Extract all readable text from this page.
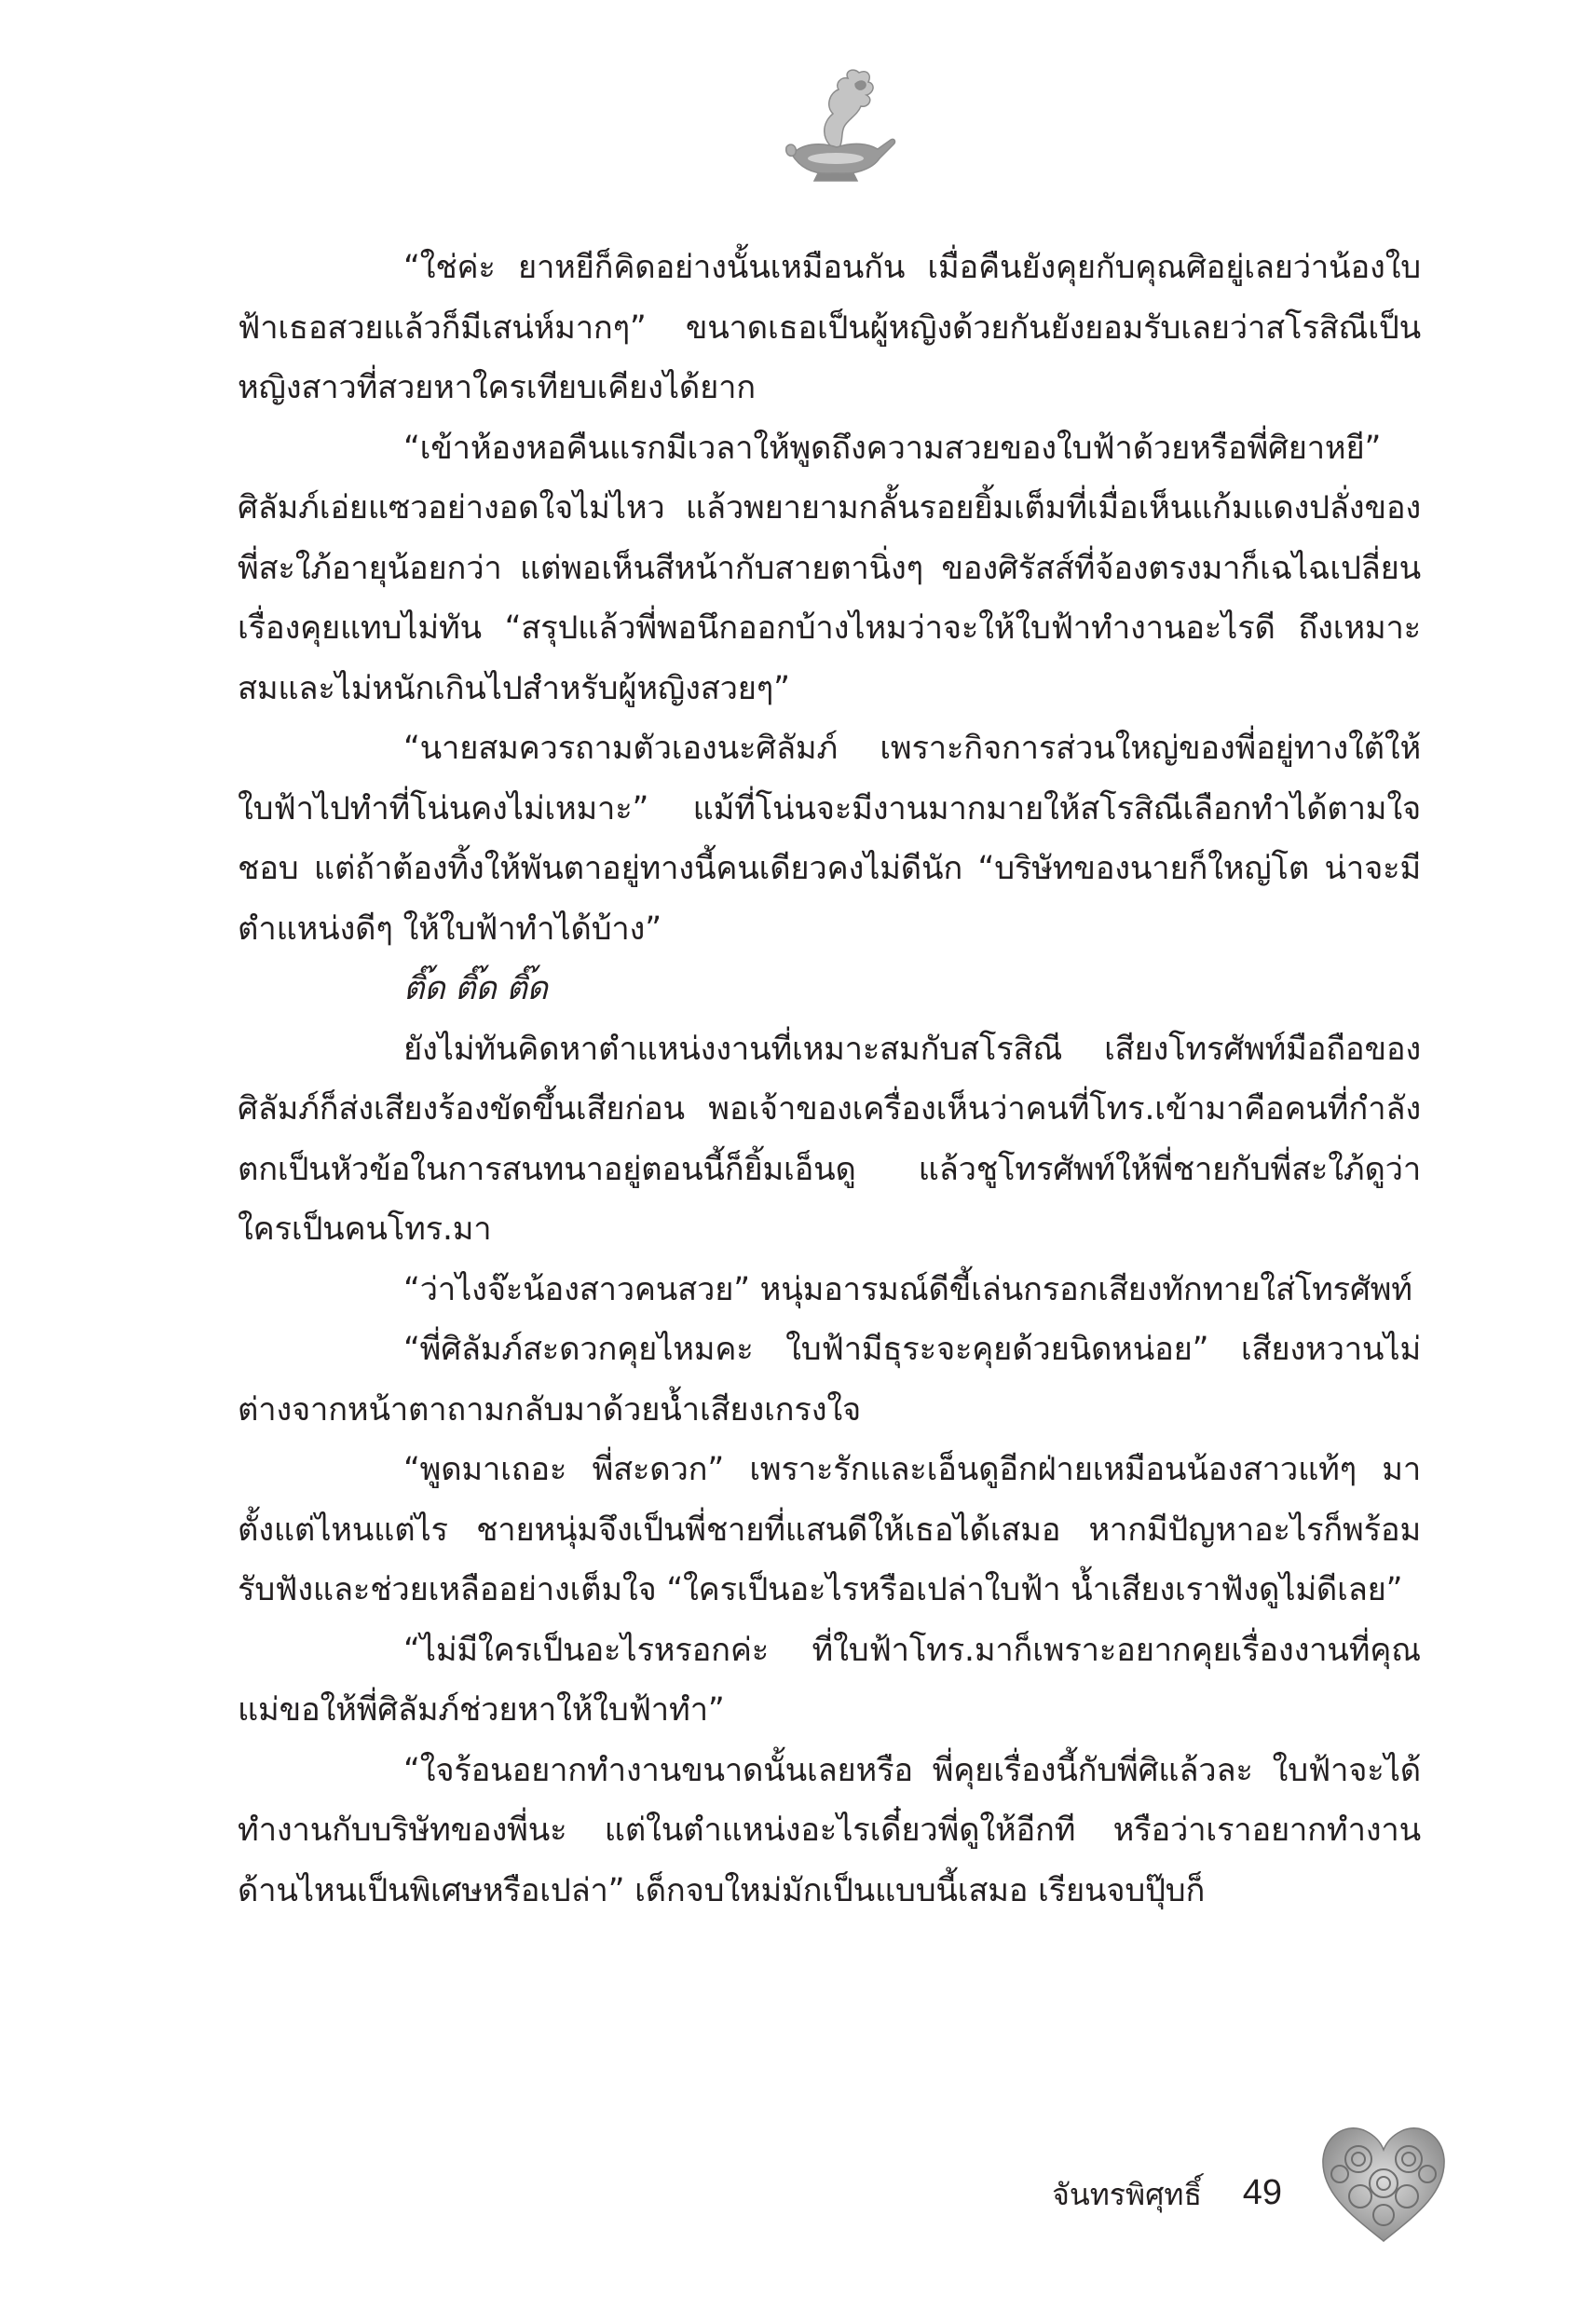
“ใช่ค่ะ ยาหยีก็คิดอย่างนั้นเหมือนกัน เมื่อคืนยังคุยกับคุณศิอยู่เลยว่าน้องใบฟ้าเธอสวยแล้วก็มีเสน่ห์มากๆ” ขนาดเธอเป็นผู้หญิงด้วยกันยังยอมรับเลยว่าสโรสิณีเป็นหญิงสาวที่สวยหาใครเทียบเคียงได้ยาก

“เข้าห้องหอคืนแรกมีเวลาให้พูดถึงความสวยของใบฟ้าด้วยหรือพี่ศิยาหยี” ศิลัมภ์เอ่ยแซวอย่างอดใจไม่ไหว แล้วพยายามกลั้นรอยยิ้มเต็มที่เมื่อเห็นแก้มแดงปลั่งของพี่สะใภ้อายุน้อยกว่า แต่พอเห็นสีหน้ากับสายตานิ่งๆ ของศิรัสส์ที่จ้องตรงมาก็เฉไฉเปลี่ยนเรื่องคุยแทบไม่ทัน “สรุปแล้วพี่พอนึกออกบ้างไหมว่าจะให้ใบฟ้าทำงานอะไรดี ถึงเหมาะสมและไม่หนักเกินไปสำหรับผู้หญิงสวยๆ”

“นายสมควรถามตัวเองนะศิลัมภ์ เพราะกิจการส่วนใหญ่ของพี่อยู่ทางใต้ให้ใบฟ้าไปทำที่โน่นคงไม่เหมาะ” แม้ที่โน่นจะมีงานมากมายให้สโรสิณีเลือกทำได้ตามใจชอบ แต่ถ้าต้องทิ้งให้พันตาอยู่ทางนี้คนเดียวคงไม่ดีนัก “บริษัทของนายก็ใหญ่โต น่าจะมีตำแหน่งดีๆ ให้ใบฟ้าทำได้บ้าง”

ติ๊ด ติ๊ด ติ๊ด

ยังไม่ทันคิดหาตำแหน่งงานที่เหมาะสมกับสโรสิณี เสียงโทรศัพท์มือถือของศิลัมภ์ก็ส่งเสียงร้องขัดขึ้นเสียก่อน พอเจ้าของเครื่องเห็นว่าคนที่โทร.เข้ามาคือคนที่กำลังตกเป็นหัวข้อในการสนทนาอยู่ตอนนี้ก็ยิ้มเอ็นดู แล้วชูโทรศัพท์ให้พี่ชายกับพี่สะใภ้ดูว่าใครเป็นคนโทร.มา

“ว่าไงจ๊ะน้องสาวคนสวย” หนุ่มอารมณ์ดีขี้เล่นกรอกเสียงทักทายใส่โทรศัพท์

“พี่ศิลัมภ์สะดวกคุยไหมคะ ใบฟ้ามีธุระจะคุยด้วยนิดหน่อย” เสียงหวานไม่ต่างจากหน้าตาถามกลับมาด้วยน้ำเสียงเกรงใจ

“พูดมาเถอะ พี่สะดวก” เพราะรักและเอ็นดูอีกฝ่ายเหมือนน้องสาวแท้ๆ มาตั้งแต่ไหนแต่ไร ชายหนุ่มจึงเป็นพี่ชายที่แสนดีให้เธอได้เสมอ หากมีปัญหาอะไรก็พร้อมรับฟังและช่วยเหลืออย่างเต็มใจ “ใครเป็นอะไรหรือเปล่าใบฟ้า น้ำเสียงเราฟังดูไม่ดีเลย”

“ไม่มีใครเป็นอะไรหรอกค่ะ ที่ใบฟ้าโทร.มาก็เพราะอยากคุยเรื่องงานที่คุณแม่ขอให้พี่ศิลัมภ์ช่วยหาให้ใบฟ้าทำ”

“ใจร้อนอยากทำงานขนาดนั้นเลยหรือ พี่คุยเรื่องนี้กับพี่ศิแล้วละ ใบฟ้าจะได้ทำงานกับบริษัทของพี่นะ แต่ในตำแหน่งอะไรเดี๋ยวพี่ดูให้อีกที หรือว่าเราอยากทำงานด้านไหนเป็นพิเศษหรือเปล่า” เด็กจบใหม่มักเป็นแบบนี้เสมอ เรียนจบปุ๊บก็

จันทรพิศุทธิ์ 49
